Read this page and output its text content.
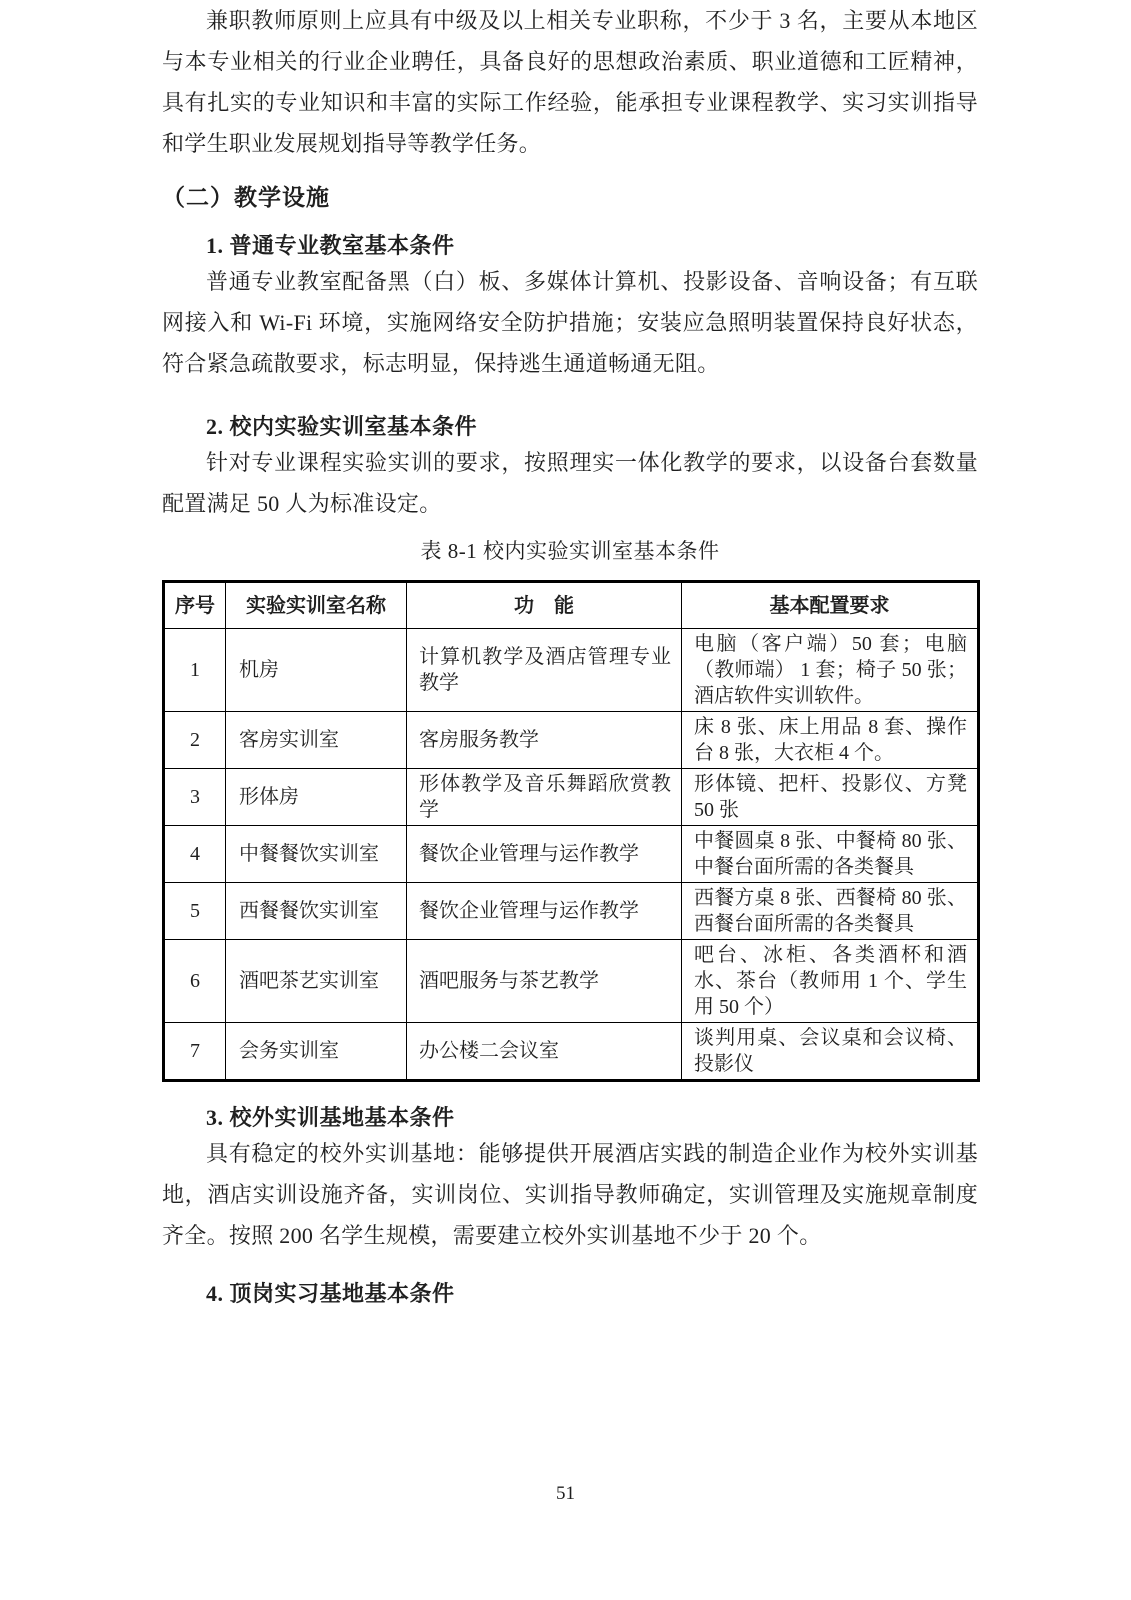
兼职教师原则上应具有中级及以上相关专业职称，不少于 3 名，主要从本地区与本专业相关的行业企业聘任，具备良好的思想政治素质、职业道德和工匠精神，具有扎实的专业知识和丰富的实际工作经验，能承担专业课程教学、实习实训指导和学生职业发展规划指导等教学任务。

（二）教学设施
1. 普通专业教室基本条件

普通专业教室配备黑（白）板、多媒体计算机、投影设备、音响设备；有互联网接入和 Wi-Fi 环境，实施网络安全防护措施；安装应急照明装置保持良好状态，符合紧急疏散要求，标志明显，保持逃生通道畅通无阻。

2. 校内实验实训室基本条件

针对专业课程实验实训的要求，按照理实一体化教学的要求，以设备台套数量配置满足 50 人为标准设定。

表 8-1 校内实验实训室基本条件

序号	实验实训室名称	功　能	基本配置要求
1	机房	计算机教学及酒店管理专业教学	电脑（客户端）50 套；电脑（教师端） 1 套；椅子 50 张；酒店软件实训软件。
2	客房实训室	客房服务教学	床 8 张、床上用品 8 套、操作台 8 张，大衣柜 4 个。
3	形体房	形体教学及音乐舞蹈欣赏教学	形体镜、把杆、投影仪、方凳 50 张
4	中餐餐饮实训室	餐饮企业管理与运作教学	中餐圆桌 8 张、中餐椅 80 张、中餐台面所需的各类餐具
5	西餐餐饮实训室	餐饮企业管理与运作教学	西餐方桌 8 张、西餐椅 80 张、西餐台面所需的各类餐具
6	酒吧茶艺实训室	酒吧服务与茶艺教学	吧台、冰柜、各类酒杯和酒水、茶台（教师用 1 个、学生用 50 个）
7	会务实训室	办公楼二会议室	谈判用桌、会议桌和会议椅、投影仪
3. 校外实训基地基本条件

具有稳定的校外实训基地：能够提供开展酒店实践的制造企业作为校外实训基地，酒店实训设施齐备，实训岗位、实训指导教师确定，实训管理及实施规章制度齐全。按照 200 名学生规模，需要建立校外实训基地不少于 20 个。

4. 顶岗实习基地基本条件
51
